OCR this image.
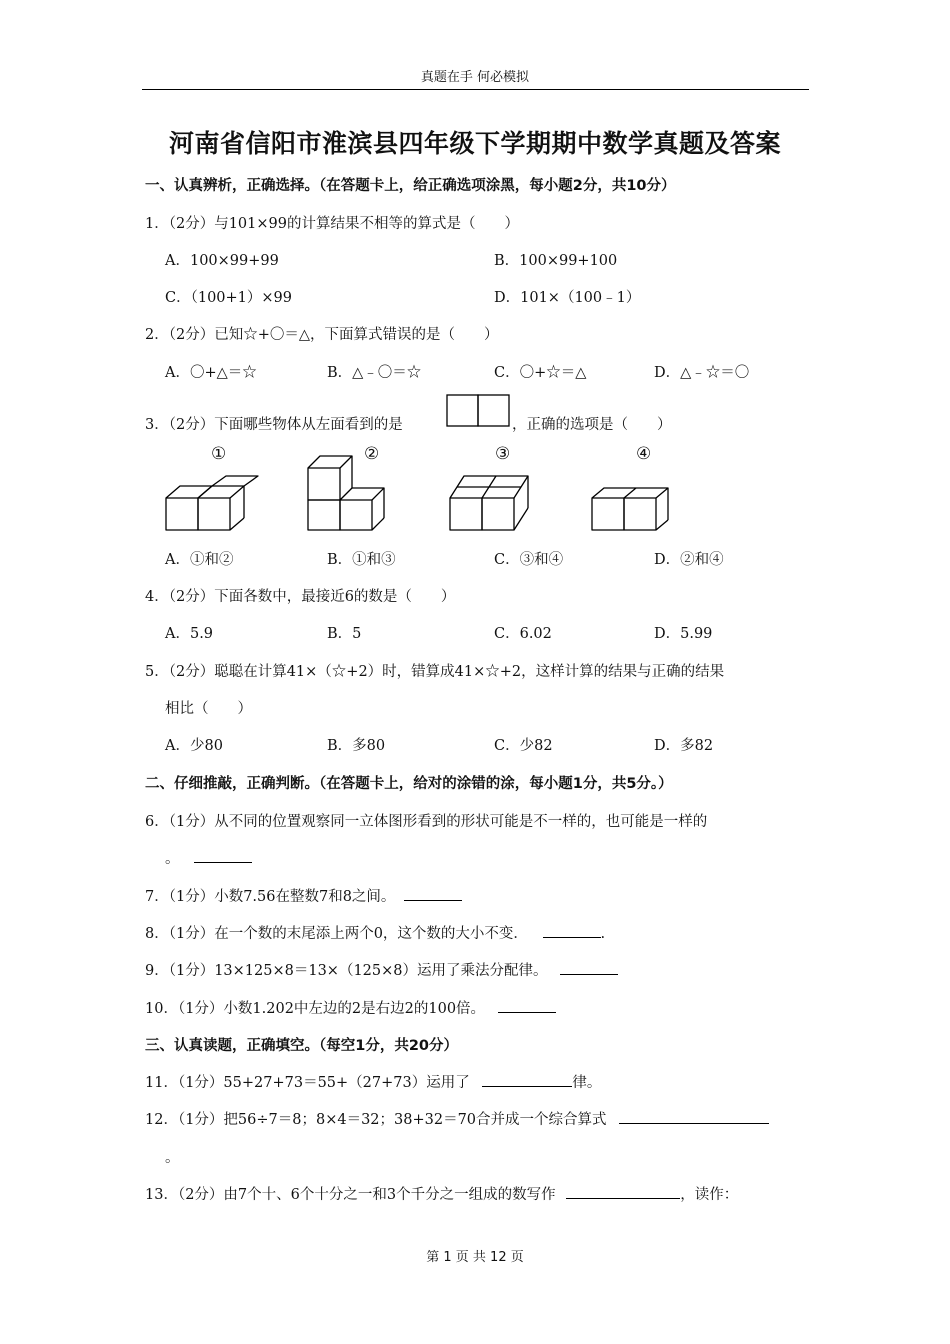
真题在手 何必模拟
河南省信阳市淮滨县四年级下学期期中数学真题及答案
一、认真辨析，正确选择。（在答题卡上，给正确选项涂黑，每小题2分，共10分）
1．（2分）与101×99的计算结果不相等的算式是（　　）
A．100×99+99	B．100×99+100
C．（100+1）×99	D．101×（100﹣1）
2．（2分）已知☆+〇＝△，下面算式错误的是（　　）
A．〇+△＝☆	B．△﹣〇＝☆	C．〇+☆＝△	D．△﹣☆＝〇
3．（2分）下面哪些物体从左面看到的是	，正确的选项是（　　）
①	②	③	④
A．①和②	B．①和③	C．③和④	D．②和④
4．（2分）下面各数中，最接近6的数是（　　）
A．5.9	B．5	C．6.02	D．5.99
5．（2分）聪聪在计算41×（☆+2）时，错算成41×☆+2，这样计算的结果与正确的结果
相比（　　）
A．少80	B．多80	C．少82	D．多82
二、仔细推敲，正确判断。（在答题卡上，给对的涂错的涂，每小题1分，共5分。）
6．（1分）从不同的位置观察同一立体图形看到的形状可能是不一样的，也可能是一样的
。
7．（1分）小数7.56在整数7和8之间。
8．（1分）在一个数的末尾添上两个0，这个数的大小不变．	.
9．（1分）13×125×8＝13×（125×8）运用了乘法分配律。
10．（1分）小数1.202中左边的2是右边2的100倍。
三、认真读题，正确填空。（每空1分，共20分）
11．（1分）55+27+73＝55+（27+73）运用了	律。
12．（1分）把56÷7＝8；8×4＝32；38+32＝70合并成一个综合算式
。
13．（2分）由7个十、6个十分之一和3个千分之一组成的数写作	，读作：
第 1 页 共 12 页
